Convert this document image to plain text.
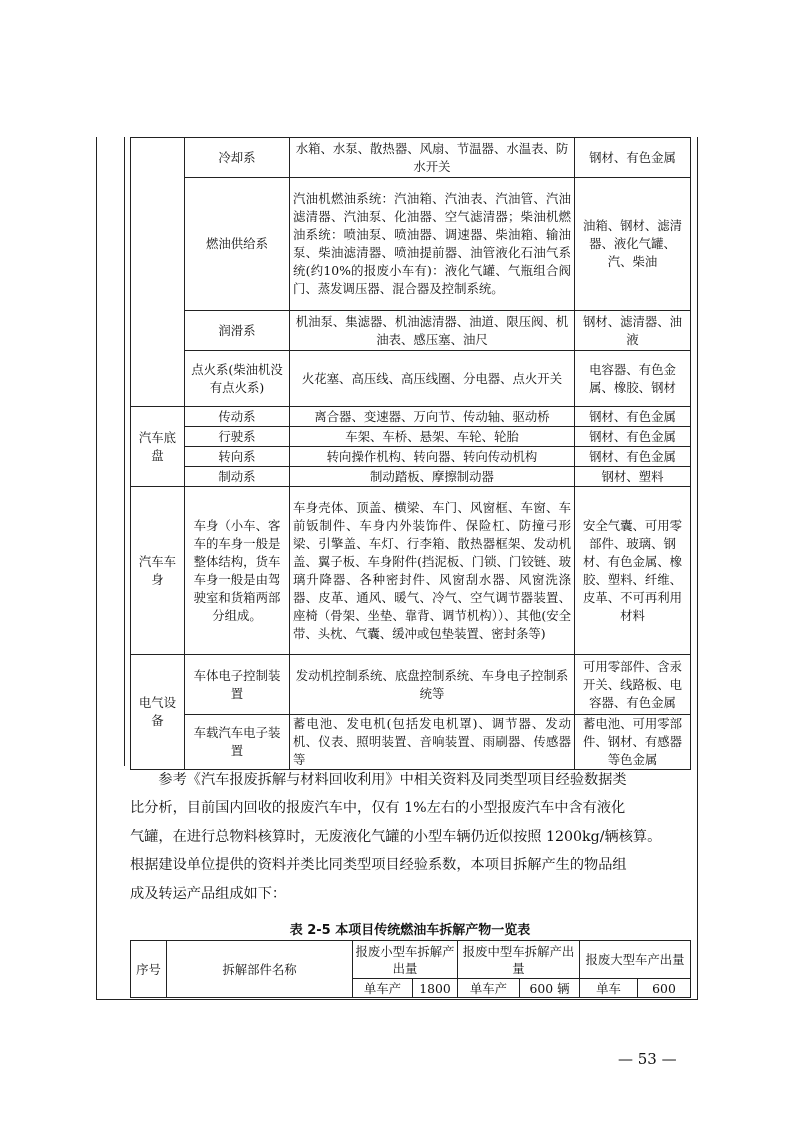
	冷却系	水箱、水泵、散热器、风扇、节温器、水温表、防水开关	钢材、有色金属
	燃油供给系	汽油机燃油系统：汽油箱、汽油表、汽油管、汽油滤清器、汽油泵、化油器、空气滤清器；柴油机燃油系统：喷油泵、喷油器、调速器、柴油箱、输油泵、柴油滤清器、喷油提前器、油管液化石油气系统(约10%的报废小车有)：液化气罐、气瓶组合阀门、蒸发调压器、混合器及控制系统。	油箱、钢材、滤清器、液化气罐、汽、柴油
	润滑系	机油泵、集滤器、机油滤清器、油道、限压阀、机油表、感压塞、油尺	钢材、滤清器、油液
	点火系(柴油机没有点火系)	火花塞、高压线、高压线圈、分电器、点火开关	电容器、有色金属、橡胶、钢材
汽车底盘	传动系	离合器、变速器、万向节、传动轴、驱动桥	钢材、有色金属
	行驶系	车架、车桥、悬架、车轮、轮胎	钢材、有色金属
	转向系	转向操作机构、转向器、转向传动机构	钢材、有色金属
	制动系	制动踏板、摩擦制动器	钢材、塑料
汽车车身	车身（小车、客车的车身一般是整体结构，货车车身一般是由驾驶室和货箱两部分组成。	车身壳体、顶盖、横梁、车门、风窗框、车窗、车前钣制件、车身内外装饰件、保险杠、防撞弓形梁、引擎盖、车灯、行李箱、散热器框架、发动机盖、翼子板、车身附件(挡泥板、门锁、门铰链、玻璃升降器、各种密封件、风窗刮水器、风窗洗涤器、皮革、通风、暖气、冷气、空气调节器装置、座椅（骨架、坐垫、靠背、调节机构））、其他(安全带、头枕、气囊、缓冲或包垫装置、密封条等)	安全气囊、可用零部件、玻璃、钢材、有色金属、橡胶、塑料、纤维、皮革、不可再利用材料
电气设备	车体电子控制装置	发动机控制系统、底盘控制系统、车身电子控制系统等	可用零部件、含汞开关、线路板、电容器、有色金属
	车载汽车电子装置	蓄电池、发电机(包括发电机罩)、调节器、发动机、仪表、照明装置、音响装置、雨刷器、传感器等	蓄电池、可用零部件、钢材、有感器等色金属
参考《汽车报废拆解与材料回收利用》中相关资料及同类型项目经验数据类
比分析，目前国内回收的报废汽车中，仅有 1%左右的小型报废汽车中含有液化
气罐，在进行总物料核算时，无废液化气罐的小型车辆仍近似按照 1200kg/辆核算。
根据建设单位提供的资料并类比同类型项目经验系数，本项目拆解产生的物品组
成及转运产品组成如下：
表 2-5 本项目传统燃油车拆解产物一览表
序号	拆解部件名称	报废小型车拆解产出量		报废中型车拆解产出量		报废大型车产出量	
		单车产	1800	单车产	600 辆	单车	600
— 53 —
